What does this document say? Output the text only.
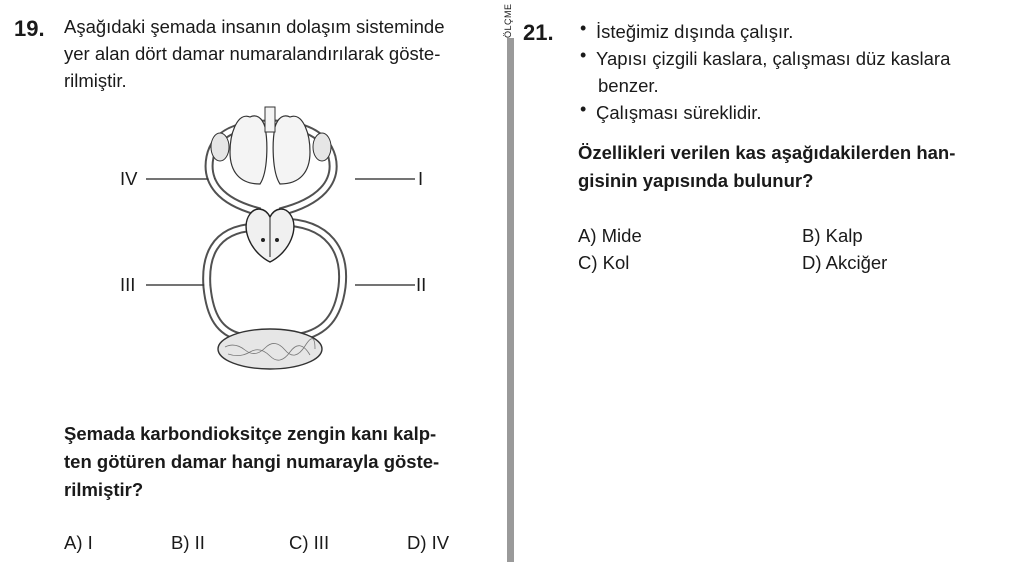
19. Aşağıdaki şemada insanın dolaşım sisteminde
yer alan dört damar numaralandırılarak göste-
rilmiştir.
IV	I
III	II
Şemada karbondioksitçe zengin kanı kalp-
ten götüren damar hangi numarayla göste-
rilmiştir?
A) I	B) II	C) III	D) IV
ÖLÇME 21. • İsteğimiz dışında çalışır.
• Yapısı çizgili kaslara, çalışması düz kaslara
benzer.
• Çalışması süreklidir.
Özellikleri verilen kas aşağıdakilerden han-
gisinin yapısında bulunur?
A) Mide	B) Kalp
C) Kol	D) Akciğer
